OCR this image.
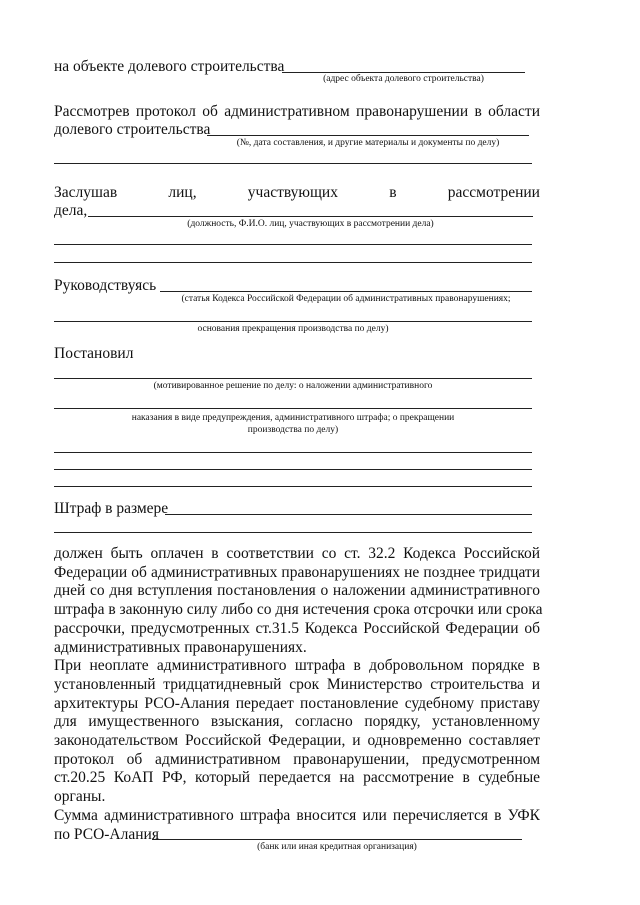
на объекте долевого строительства
(адрес объекта долевого строительства)
Рассмотрев протокол об административном правонарушении в области
долевого строительства
(№, дата составления, и другие материалы и документы по делу)
Заслушав	лиц,	участвующих	в	рассмотрении
дела,
(должность, Ф.И.О. лиц, участвующих в рассмотрении дела)
Руководствуясь
(статья Кодекса Российской Федерации об административных правонарушениях;
основания прекращения производства по делу)
Постановил
(мотивированное решение по делу: о наложении административного
наказания в виде предупреждения, административного штрафа; о прекращении
производства по делу)
Штраф в размере
должен быть оплачен в соответствии со ст. 32.2 Кодекса Российской
Федерации об административных правонарушениях не позднее тридцати
дней со дня вступления постановления о наложении административного
штрафа в законную силу либо со дня истечения срока отсрочки или срока
рассрочки, предусмотренных ст.31.5 Кодекса Российской Федерации об
административных правонарушениях.
При неоплате административного штрафа в добровольном порядке в
установленный тридцатидневный срок Министерство строительства и
архитектуры РСО-Алания передает постановление судебному приставу
для имущественного взыскания, согласно порядку, установленному
законодательством Российской Федерации, и одновременно составляет
протокол об административном правонарушении, предусмотренном
ст.20.25 КоАП РФ, который передается на рассмотрение в судебные
органы.
Сумма административного штрафа вносится или перечисляется в УФК
по РСО-Алания
(банк или иная кредитная организация)
